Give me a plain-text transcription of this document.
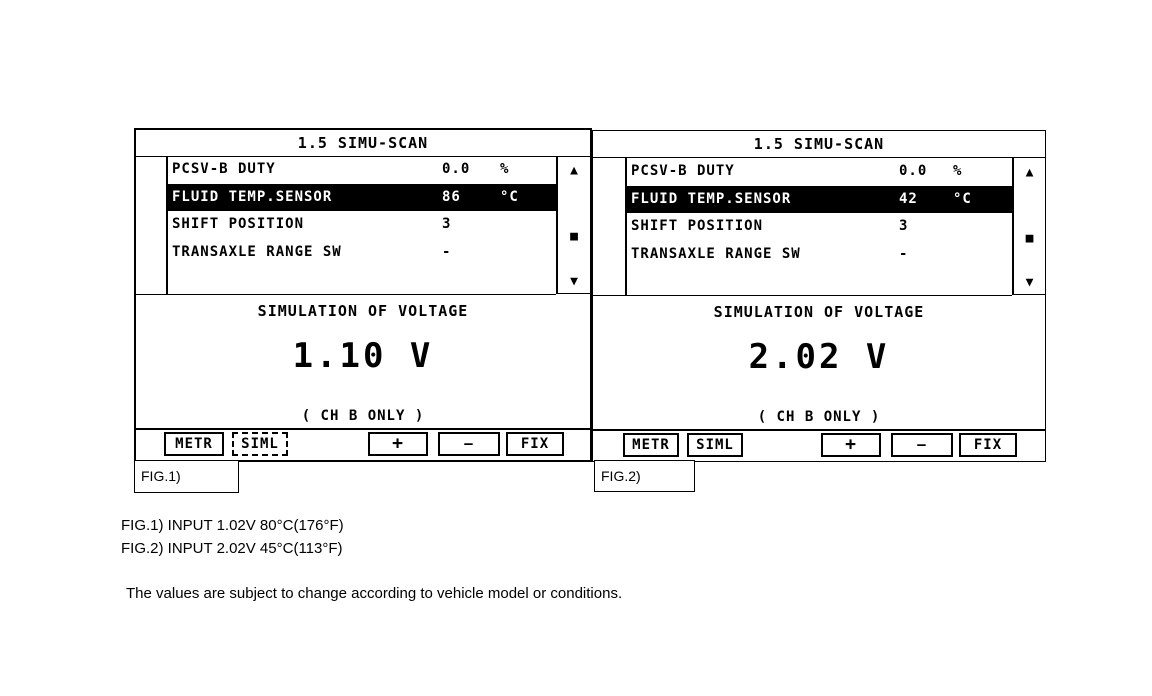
1.5 SIMU-SCAN
PCSV-B DUTY	0.0 %
FLUID TEMP.SENSOR	86	°C
SHIFT POSITION	3
TRANSAXLE RANGE SW	-
▲
■
▼
SIMULATION OF VOLTAGE
1.10 V
( CH B ONLY )
METR	SIML	+	—	FIX
FIG.1)
1.5 SIMU-SCAN
PCSV-B DUTY	0.0 %
FLUID TEMP.SENSOR	42	°C
SHIFT POSITION	3
TRANSAXLE RANGE SW	-
▲
■
▼
SIMULATION OF VOLTAGE
2.02 V
( CH B ONLY )
METR	SIML	+	—	FIX
FIG.2)
FIG.1) INPUT 1.02V 80°C(176°F)
FIG.2) INPUT 2.02V 45°C(113°F)
The values are subject to change according to vehicle model or conditions.
